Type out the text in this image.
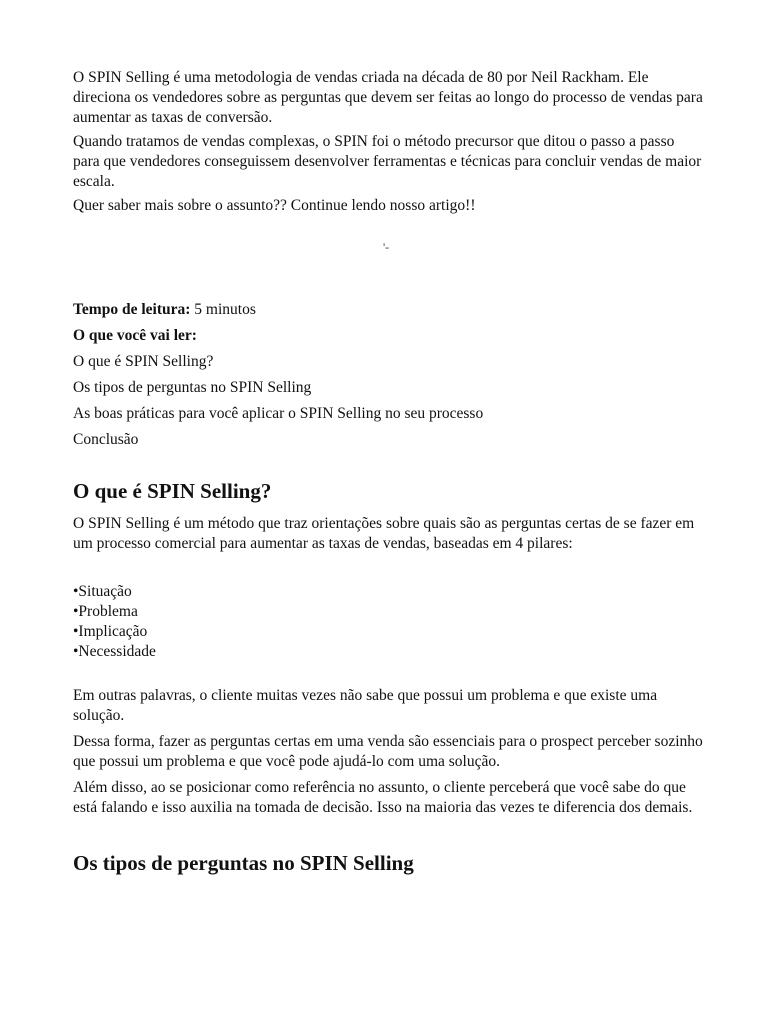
O SPIN Selling é uma metodologia de vendas criada na década de 80 por Neil Rackham. Ele direciona os vendedores sobre as perguntas que devem ser feitas ao longo do processo de vendas para aumentar as taxas de conversão.

Quando tratamos de vendas complexas, o SPIN foi o método precursor que ditou o passo a passo para que vendedores conseguissem desenvolver ferramentas e técnicas para concluir vendas de maior escala.

Quer saber mais sobre o assunto?? Continue lendo nosso artigo!!

'-

Tempo de leitura: 5 minutos

O que você vai ler:

O que é SPIN Selling?

Os tipos de perguntas no SPIN Selling

As boas práticas para você aplicar o SPIN Selling no seu processo

Conclusão

O que é SPIN Selling?

O SPIN Selling é um método que traz orientações sobre quais são as perguntas certas de se fazer em um processo comercial para aumentar as taxas de vendas, baseadas em 4 pilares:

•Situação
•Problema
•Implicação
•Necessidade

Em outras palavras, o cliente muitas vezes não sabe que possui um problema e que existe uma solução.

Dessa forma, fazer as perguntas certas em uma venda são essenciais para o prospect perceber sozinho que possui um problema e que você pode ajudá-lo com uma solução.

Além disso, ao se posicionar como referência no assunto, o cliente perceberá que você sabe do que está falando e isso auxilia na tomada de decisão. Isso na maioria das vezes te diferencia dos demais.

Os tipos de perguntas no SPIN Selling
